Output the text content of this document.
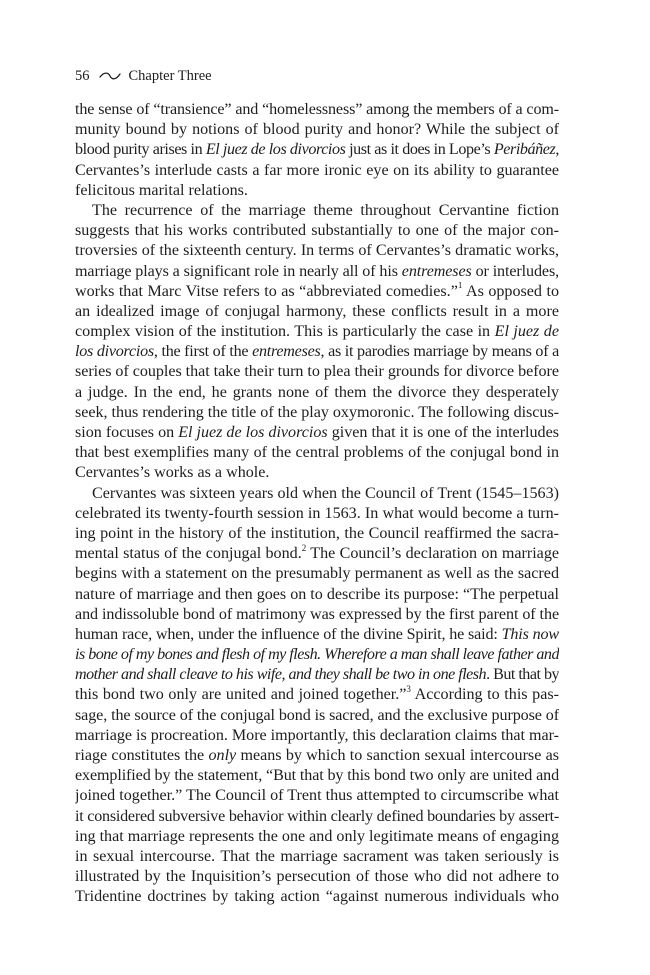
56	Chapter Three
the sense of “transience” and “homelessness” among the members of a com-
munity bound by notions of blood purity and honor? While the subject of
blood purity arises in El juez de los divorcios just as it does in Lope’s Peribáñez,
Cervantes’s interlude casts a far more ironic eye on its ability to guarantee
felicitous marital relations.
The recurrence of the marriage theme throughout Cervantine fiction
suggests that his works contributed substantially to one of the major con-
troversies of the sixteenth century. In terms of Cervantes’s dramatic works,
marriage plays a significant role in nearly all of his entremeses or interludes,
works that Marc Vitse refers to as “abbreviated comedies.”$^1$ As opposed to
an idealized image of conjugal harmony, these conflicts result in a more
complex vision of the institution. This is particularly the case in El juez de
los divorcios, the first of the entremeses, as it parodies marriage by means of a
series of couples that take their turn to plea their grounds for divorce before
a judge. In the end, he grants none of them the divorce they desperately
seek, thus rendering the title of the play oxymoronic. The following discus-
sion focuses on El juez de los divorcios given that it is one of the interludes
that best exemplifies many of the central problems of the conjugal bond in
Cervantes’s works as a whole.
Cervantes was sixteen years old when the Council of Trent (1545–1563)
celebrated its twenty-fourth session in 1563. In what would become a turn-
ing point in the history of the institution, the Council reaffirmed the sacra-
mental status of the conjugal bond.$^2$ The Council’s declaration on marriage
begins with a statement on the presumably permanent as well as the sacred
nature of marriage and then goes on to describe its purpose: “The perpetual
and indissoluble bond of matrimony was expressed by the first parent of the
human race, when, under the influence of the divine Spirit, he said: This now
is bone of my bones and flesh of my flesh. Wherefore a man shall leave father and
mother and shall cleave to his wife, and they shall be two in one flesh. But that by
this bond two only are united and joined together.”$^3$ According to this pas-
sage, the source of the conjugal bond is sacred, and the exclusive purpose of
marriage is procreation. More importantly, this declaration claims that mar-
riage constitutes the only means by which to sanction sexual intercourse as
exemplified by the statement, “But that by this bond two only are united and
joined together.” The Council of Trent thus attempted to circumscribe what
it considered subversive behavior within clearly defined boundaries by assert-
ing that marriage represents the one and only legitimate means of engaging
in sexual intercourse. That the marriage sacrament was taken seriously is
illustrated by the Inquisition’s persecution of those who did not adhere to
Tridentine doctrines by taking action “against numerous individuals who
